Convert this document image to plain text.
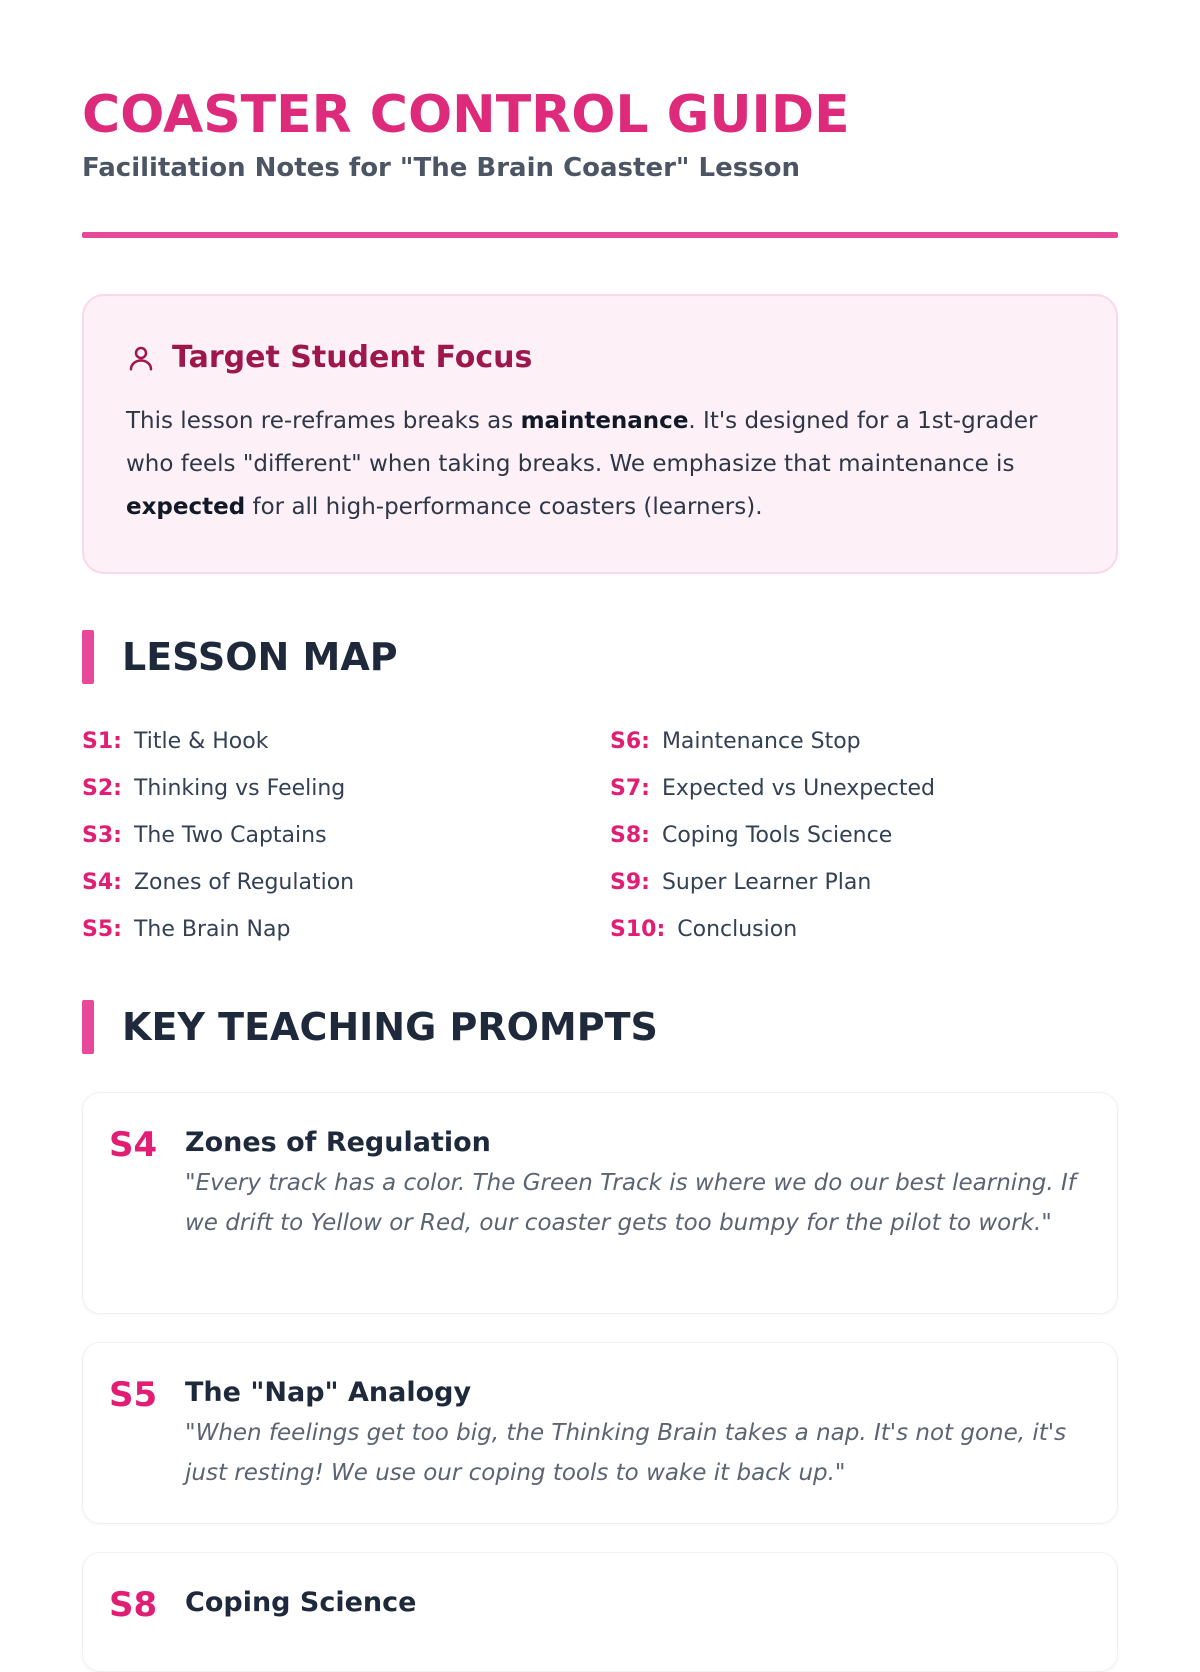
COASTER CONTROL GUIDE
Facilitation Notes for "The Brain Coaster" Lesson
Target Student Focus
This lesson re-reframes breaks as maintenance. It's designed for a 1st-grader who feels "different" when taking breaks. We emphasize that maintenance is expected for all high-performance coasters (learners).
LESSON MAP
S1: Title & Hook
S2: Thinking vs Feeling
S3: The Two Captains
S4: Zones of Regulation
S5: The Brain Nap
S6: Maintenance Stop
S7: Expected vs Unexpected
S8: Coping Tools Science
S9: Super Learner Plan
S10: Conclusion
KEY TEACHING PROMPTS
S4 Zones of Regulation
"Every track has a color. The Green Track is where we do our best learning. If we drift to Yellow or Red, our coaster gets too bumpy for the pilot to work."
S5 The "Nap" Analogy
"When feelings get too big, the Thinking Brain takes a nap. It's not gone, it's just resting! We use our coping tools to wake it back up."
S8 Coping Science
